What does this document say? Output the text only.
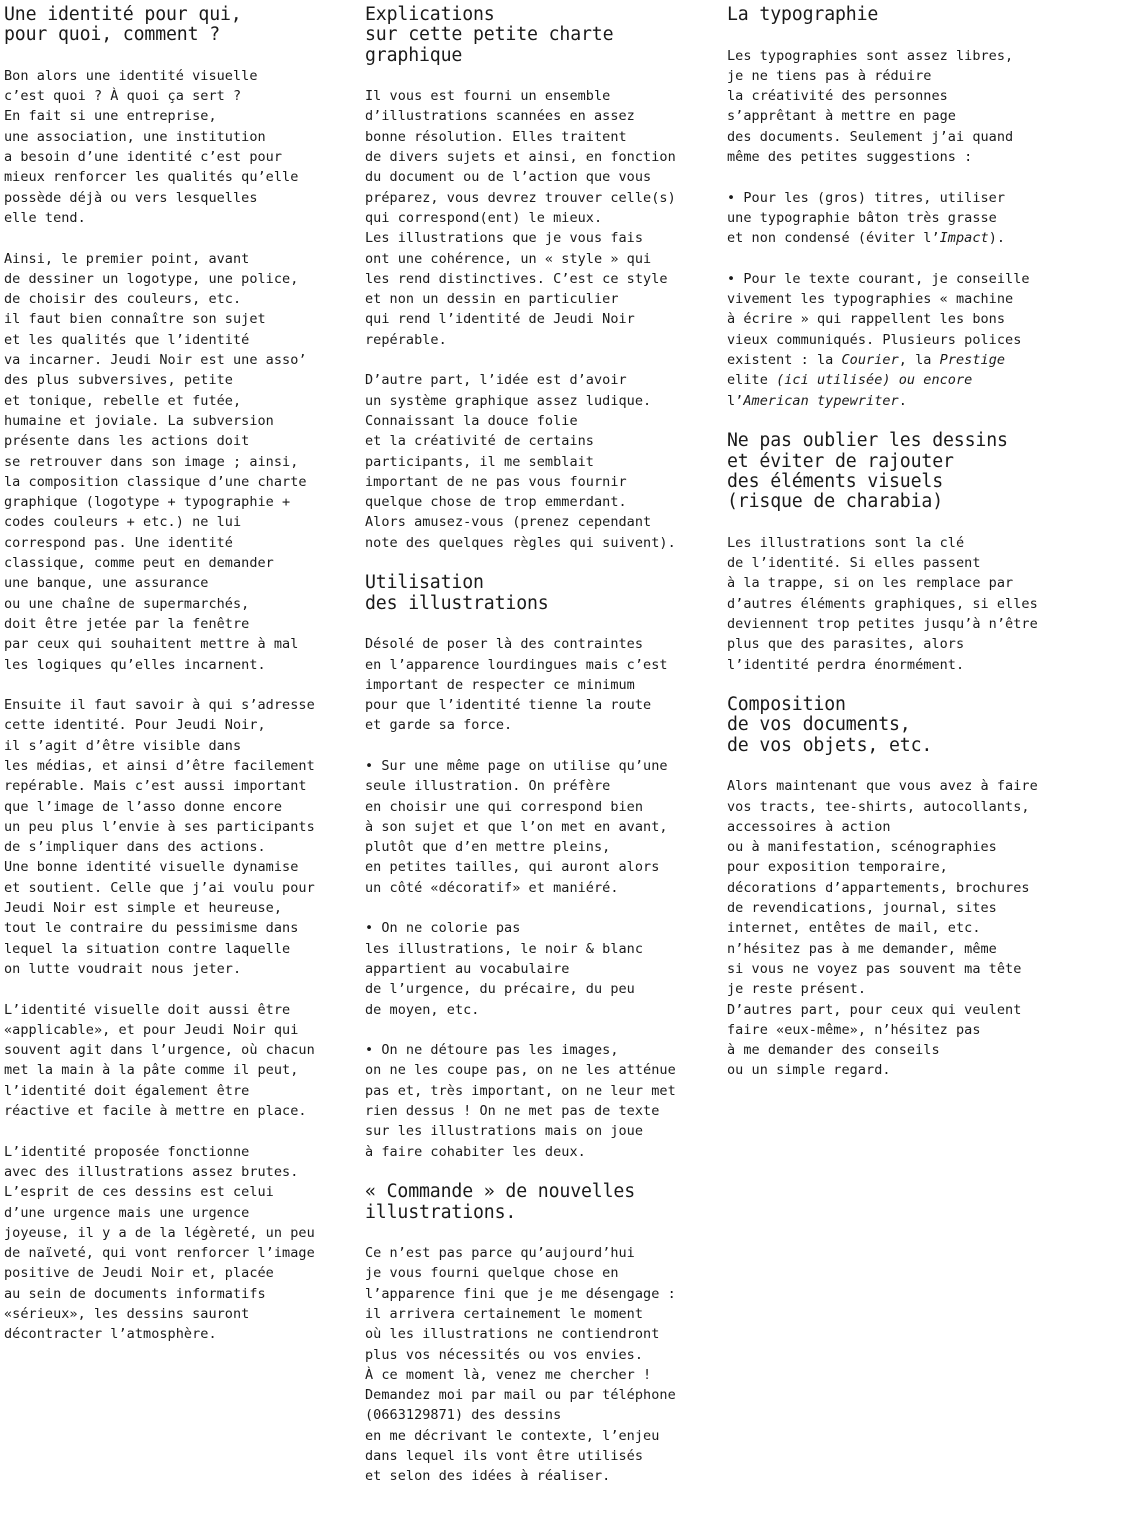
Une identité pour qui,
pour quoi, comment ?

Bon alors une identité visuelle
c’est quoi ? À quoi ça sert ?
En fait si une entreprise,
une association, une institution
a besoin d’une identité c’est pour
mieux renforcer les qualités qu’elle
possède déjà ou vers lesquelles
elle tend.

Ainsi, le premier point, avant
de dessiner un logotype, une police,
de choisir des couleurs, etc.
il faut bien connaître son sujet
et les qualités que l’identité
va incarner. Jeudi Noir est une asso’
des plus subversives, petite
et tonique, rebelle et futée,
humaine et joviale. La subversion
présente dans les actions doit
se retrouver dans son image ; ainsi,
la composition classique d’une charte
graphique (logotype + typographie +
codes couleurs + etc.) ne lui
correspond pas. Une identité
classique, comme peut en demander
une banque, une assurance
ou une chaîne de supermarchés,
doit être jetée par la fenêtre
par ceux qui souhaitent mettre à mal
les logiques qu’elles incarnent.

Ensuite il faut savoir à qui s’adresse
cette identité. Pour Jeudi Noir,
il s’agit d’être visible dans
les médias, et ainsi d’être facilement
repérable. Mais c’est aussi important
que l’image de l’asso donne encore
un peu plus l’envie à ses participants
de s’impliquer dans des actions.
Une bonne identité visuelle dynamise
et soutient. Celle que j’ai voulu pour
Jeudi Noir est simple et heureuse,
tout le contraire du pessimisme dans
lequel la situation contre laquelle
on lutte voudrait nous jeter.

L’identité visuelle doit aussi être
«applicable», et pour Jeudi Noir qui
souvent agit dans l’urgence, où chacun
met la main à la pâte comme il peut,
l’identité doit également être
réactive et facile à mettre en place.

L’identité proposée fonctionne
avec des illustrations assez brutes.
L’esprit de ces dessins est celui
d’une urgence mais une urgence
joyeuse, il y a de la légèreté, un peu
de naïveté, qui vont renforcer l’image
positive de Jeudi Noir et, placée
au sein de documents informatifs
«sérieux», les dessins sauront
décontracter l’atmosphère.

Explications
sur cette petite charte
graphique

Il vous est fourni un ensemble
d’illustrations scannées en assez
bonne résolution. Elles traitent
de divers sujets et ainsi, en fonction
du document ou de l’action que vous
préparez, vous devrez trouver celle(s)
qui correspond(ent) le mieux.
Les illustrations que je vous fais
ont une cohérence, un « style » qui
les rend distinctives. C’est ce style
et non un dessin en particulier
qui rend l’identité de Jeudi Noir
repérable.

D’autre part, l’idée est d’avoir
un système graphique assez ludique.
Connaissant la douce folie
et la créativité de certains
participants, il me semblait
important de ne pas vous fournir
quelque chose de trop emmerdant.
Alors amusez-vous (prenez cependant
note des quelques règles qui suivent).

Utilisation
des illustrations

Désolé de poser là des contraintes
en l’apparence lourdingues mais c’est
important de respecter ce minimum
pour que l’identité tienne la route
et garde sa force.

• Sur une même page on utilise qu’une
seule illustration. On préfère
en choisir une qui correspond bien
à son sujet et que l’on met en avant,
plutôt que d’en mettre pleins,
en petites tailles, qui auront alors
un côté «décoratif» et maniéré.

• On ne colorie pas
les illustrations, le noir & blanc
appartient au vocabulaire
de l’urgence, du précaire, du peu
de moyen, etc.

• On ne détoure pas les images,
on ne les coupe pas, on ne les atténue
pas et, très important, on ne leur met
rien dessus ! On ne met pas de texte
sur les illustrations mais on joue
à faire cohabiter les deux.

« Commande » de nouvelles
illustrations.

Ce n’est pas parce qu’aujourd’hui
je vous fourni quelque chose en
l’apparence fini que je me désengage :
il arrivera certainement le moment
où les illustrations ne contiendront
plus vos nécessités ou vos envies.
À ce moment là, venez me chercher !
Demandez moi par mail ou par téléphone
(0663129871) des dessins
en me décrivant le contexte, l’enjeu
dans lequel ils vont être utilisés
et selon des idées à réaliser.

La typographie

Les typographies sont assez libres,
je ne tiens pas à réduire
la créativité des personnes
s’apprêtant à mettre en page
des documents. Seulement j’ai quand
même des petites suggestions :

• Pour les (gros) titres, utiliser
une typographie bâton très grasse
et non condensé (éviter l’Impact).

• Pour le texte courant, je conseille
vivement les typographies « machine
à écrire » qui rappellent les bons
vieux communiqués. Plusieurs polices
existent : la Courier, la Prestige
elite (ici utilisée) ou encore
l’American typewriter.

Ne pas oublier les dessins
et éviter de rajouter
des éléments visuels
(risque de charabia)

Les illustrations sont la clé
de l’identité. Si elles passent
à la trappe, si on les remplace par
d’autres éléments graphiques, si elles
deviennent trop petites jusqu’à n’être
plus que des parasites, alors
l’identité perdra énormément.

Composition
de vos documents,
de vos objets, etc.

Alors maintenant que vous avez à faire
vos tracts, tee-shirts, autocollants,
accessoires à action
ou à manifestation, scénographies
pour exposition temporaire,
décorations d’appartements, brochures
de revendications, journal, sites
internet, entêtes de mail, etc.
n’hésitez pas à me demander, même
si vous ne voyez pas souvent ma tête
je reste présent.
D’autres part, pour ceux qui veulent
faire «eux-même», n’hésitez pas
à me demander des conseils
ou un simple regard.
